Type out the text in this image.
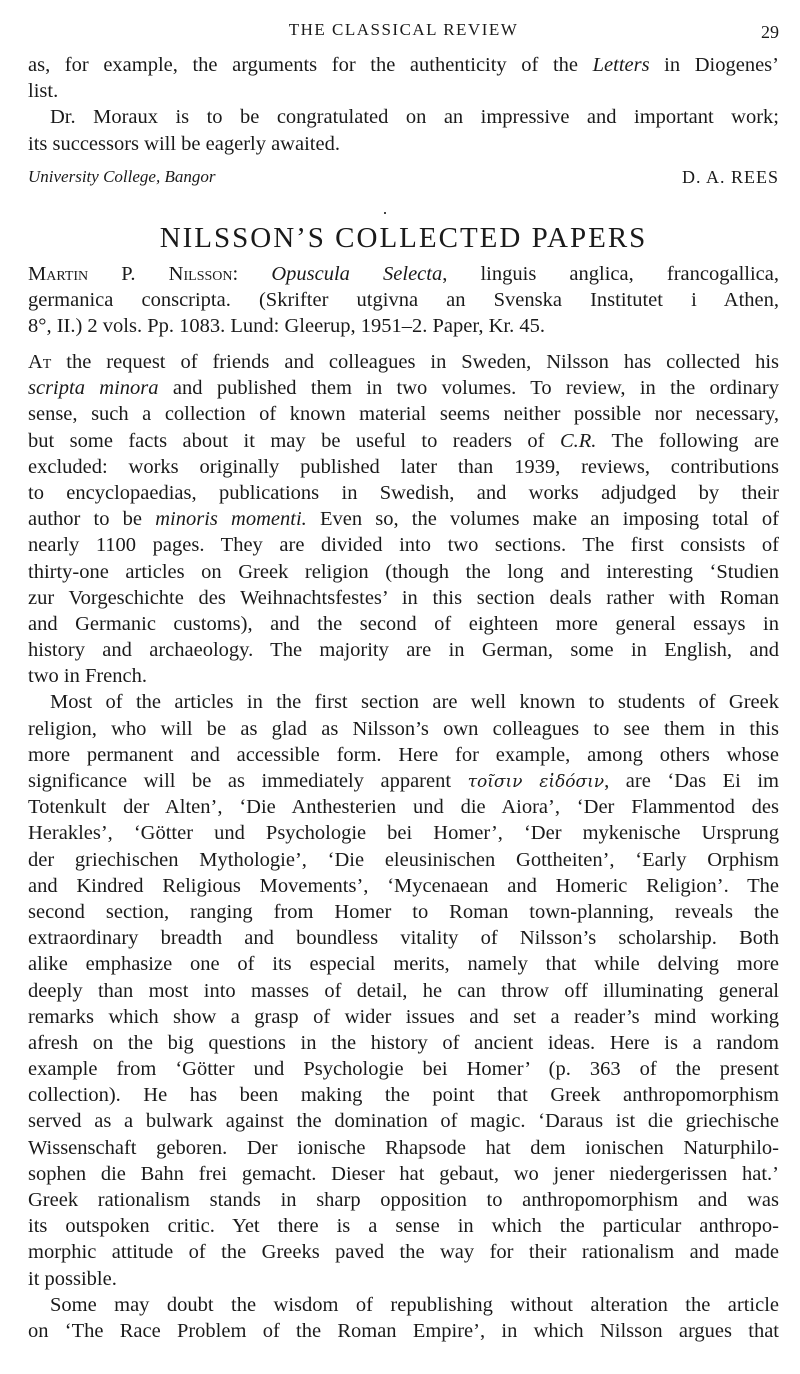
THE CLASSICAL REVIEW	29
as, for example, the arguments for the authenticity of the Letters in Diogenes’
list.
Dr. Moraux is to be congratulated on an impressive and important work;
its successors will be eagerly awaited.
University College, Bangor	D. A. REES
NILSSON’S COLLECTED PAPERS
Martin P. Nilsson: Opuscula Selecta, linguis anglica, francogallica,
germanica conscripta. (Skrifter utgivna an Svenska Institutet i Athen,
8°, II.) 2 vols. Pp. 1083. Lund: Gleerup, 1951–2. Paper, Kr. 45.
At the request of friends and colleagues in Sweden, Nilsson has collected his
scripta minora and published them in two volumes. To review, in the ordinary
sense, such a collection of known material seems neither possible nor necessary,
but some facts about it may be useful to readers of C.R. The following are
excluded: works originally published later than 1939, reviews, contributions
to encyclopaedias, publications in Swedish, and works adjudged by their
author to be minoris momenti. Even so, the volumes make an imposing total of
nearly 1100 pages. They are divided into two sections. The first consists of
thirty-one articles on Greek religion (though the long and interesting ‘Studien
zur Vorgeschichte des Weihnachtsfestes’ in this section deals rather with Roman
and Germanic customs), and the second of eighteen more general essays in
history and archaeology. The majority are in German, some in English, and
two in French.
Most of the articles in the first section are well known to students of Greek
religion, who will be as glad as Nilsson’s own colleagues to see them in this
more permanent and accessible form. Here for example, among others whose
significance will be as immediately apparent τοῖσιν εἰδόσιν, are ‘Das Ei im
Totenkult der Alten’, ‘Die Anthesterien und die Aiora’, ‘Der Flammentod des
Herakles’, ‘Götter und Psychologie bei Homer’, ‘Der mykenische Ursprung
der griechischen Mythologie’, ‘Die eleusinischen Gottheiten’, ‘Early Orphism
and Kindred Religious Movements’, ‘Mycenaean and Homeric Religion’. The
second section, ranging from Homer to Roman town-planning, reveals the
extraordinary breadth and boundless vitality of Nilsson’s scholarship. Both
alike emphasize one of its especial merits, namely that while delving more
deeply than most into masses of detail, he can throw off illuminating general
remarks which show a grasp of wider issues and set a reader’s mind working
afresh on the big questions in the history of ancient ideas. Here is a random
example from ‘Götter und Psychologie bei Homer’ (p. 363 of the present
collection). He has been making the point that Greek anthropomorphism
served as a bulwark against the domination of magic. ‘Daraus ist die griechische
Wissenschaft geboren. Der ionische Rhapsode hat dem ionischen Naturphilo-
sophen die Bahn frei gemacht. Dieser hat gebaut, wo jener niedergerissen hat.’
Greek rationalism stands in sharp opposition to anthropomorphism and was
its outspoken critic. Yet there is a sense in which the particular anthropo-
morphic attitude of the Greeks paved the way for their rationalism and made
it possible.
Some may doubt the wisdom of republishing without alteration the article
on ‘The Race Problem of the Roman Empire’, in which Nilsson argues that
